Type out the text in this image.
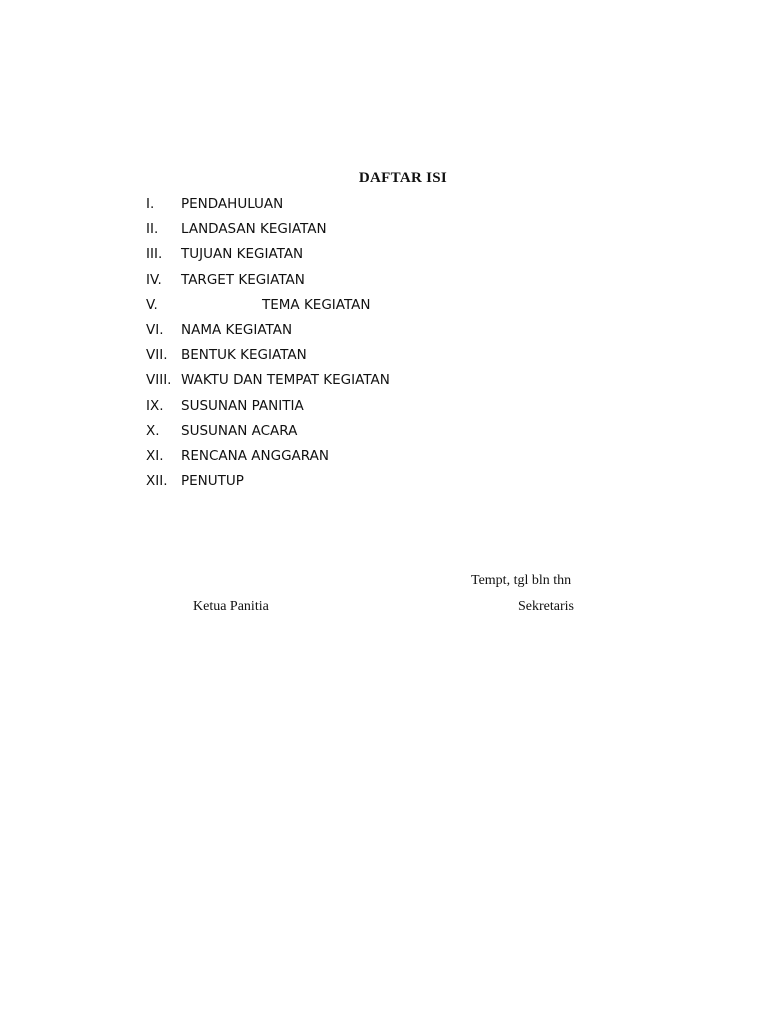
DAFTAR ISI
I. PENDAHULUAN
II. LANDASAN KEGIATAN
III. TUJUAN KEGIATAN
IV. TARGET KEGIATAN
V.	TEMA KEGIATAN
VI. NAMA KEGIATAN
VII. BENTUK KEGIATAN
VIII. WAKTU DAN TEMPAT KEGIATAN
IX. SUSUNAN PANITIA
X. SUSUNAN ACARA
XI. RENCANA ANGGARAN
XII. PENUTUP
Tempt, tgl bln thn
Ketua Panitia	Sekretaris
